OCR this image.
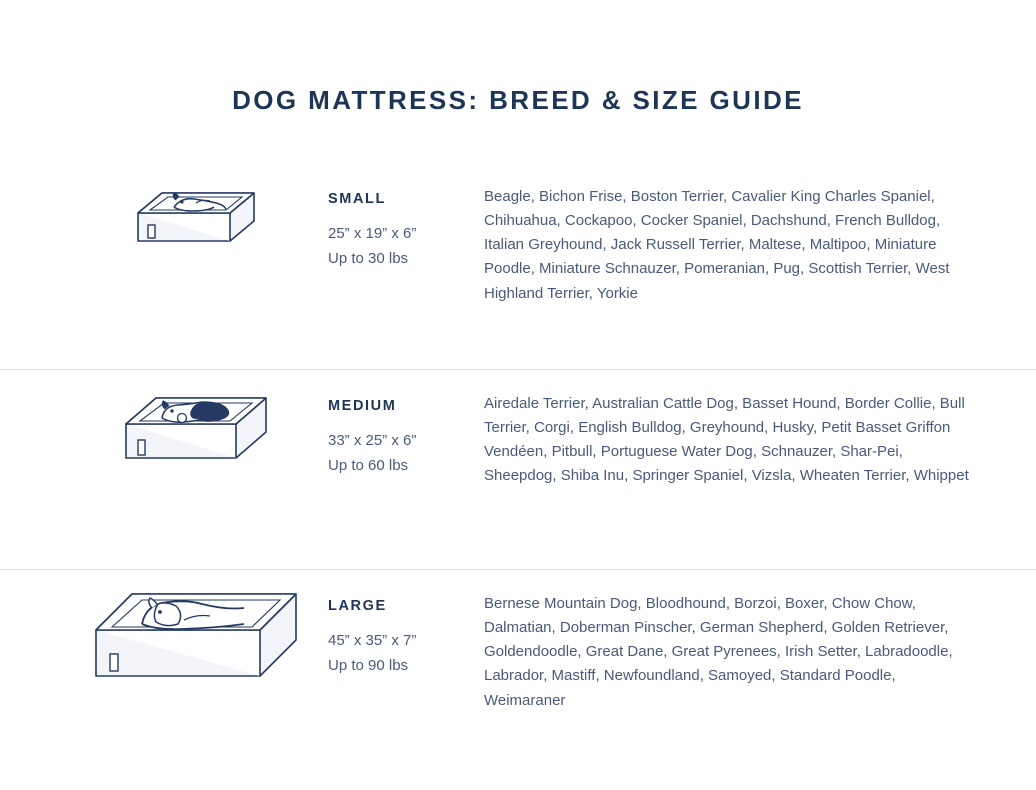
DOG MATTRESS: BREED & SIZE GUIDE
SMALL
25” x 19” x 6”
Up to 30 lbs
Beagle, Bichon Frise, Boston Terrier, Cavalier King Charles Spaniel, Chihuahua, Cockapoo, Cocker Spaniel, Dachshund, French Bulldog, Italian Greyhound, Jack Russell Terrier, Maltese, Maltipoo, Miniature Poodle, Miniature Schnauzer, Pomeranian, Pug, Scottish Terrier, West Highland Terrier, Yorkie
MEDIUM
33” x 25” x 6”
Up to 60 lbs
Airedale Terrier, Australian Cattle Dog, Basset Hound, Border Collie, Bull Terrier, Corgi, English Bulldog, Greyhound, Husky, Petit Basset Griffon Vendéen, Pitbull, Portuguese Water Dog, Schnauzer, Shar-Pei, Sheepdog, Shiba Inu, Springer Spaniel, Vizsla, Wheaten Terrier, Whippet
LARGE
45” x 35” x 7”
Up to 90 lbs
Bernese Mountain Dog, Bloodhound, Borzoi, Boxer, Chow Chow, Dalmatian, Doberman Pinscher, German Shepherd, Golden Retriever, Goldendoodle, Great Dane, Great Pyrenees, Irish Setter, Labradoodle, Labrador, Mastiff, Newfoundland, Samoyed, Standard Poodle, Weimaraner
